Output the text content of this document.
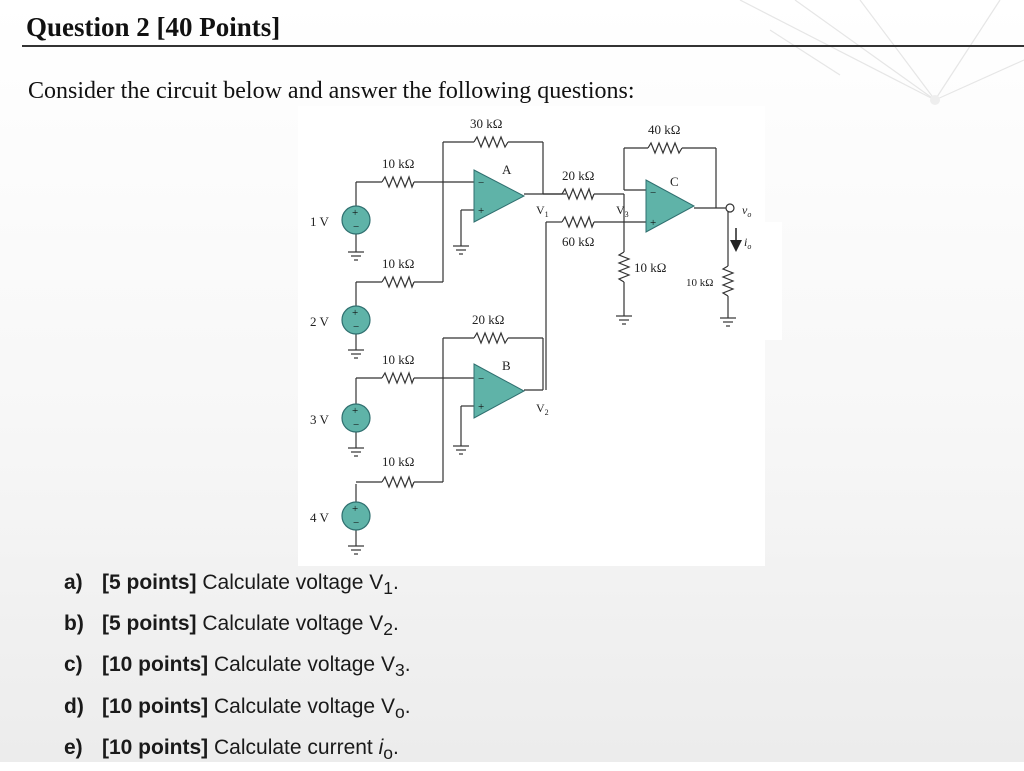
Question 2 [40 Points]

Consider the circuit below and answer the following questions:

30 kΩ	40 kΩ
10 kΩ
10 kΩ
10 kΩ
10 kΩ
20 kΩ
20 kΩ
60 kΩ
10 kΩ
10 kΩ
1 V
2 V
3 V
4 V
A
B
C
$V_1$
$V_2$
$V_3$	$v_o$
$i_o$
+
−
+
−
+
−
+
−
−
+
−
+
−
+
a) [5 points] Calculate voltage $V_1$.
b) [5 points] Calculate voltage $V_2$.
c) [10 points] Calculate voltage $V_3$.
d) [10 points] Calculate voltage $V_o$.
e) [10 points] Calculate current $i_o$.
